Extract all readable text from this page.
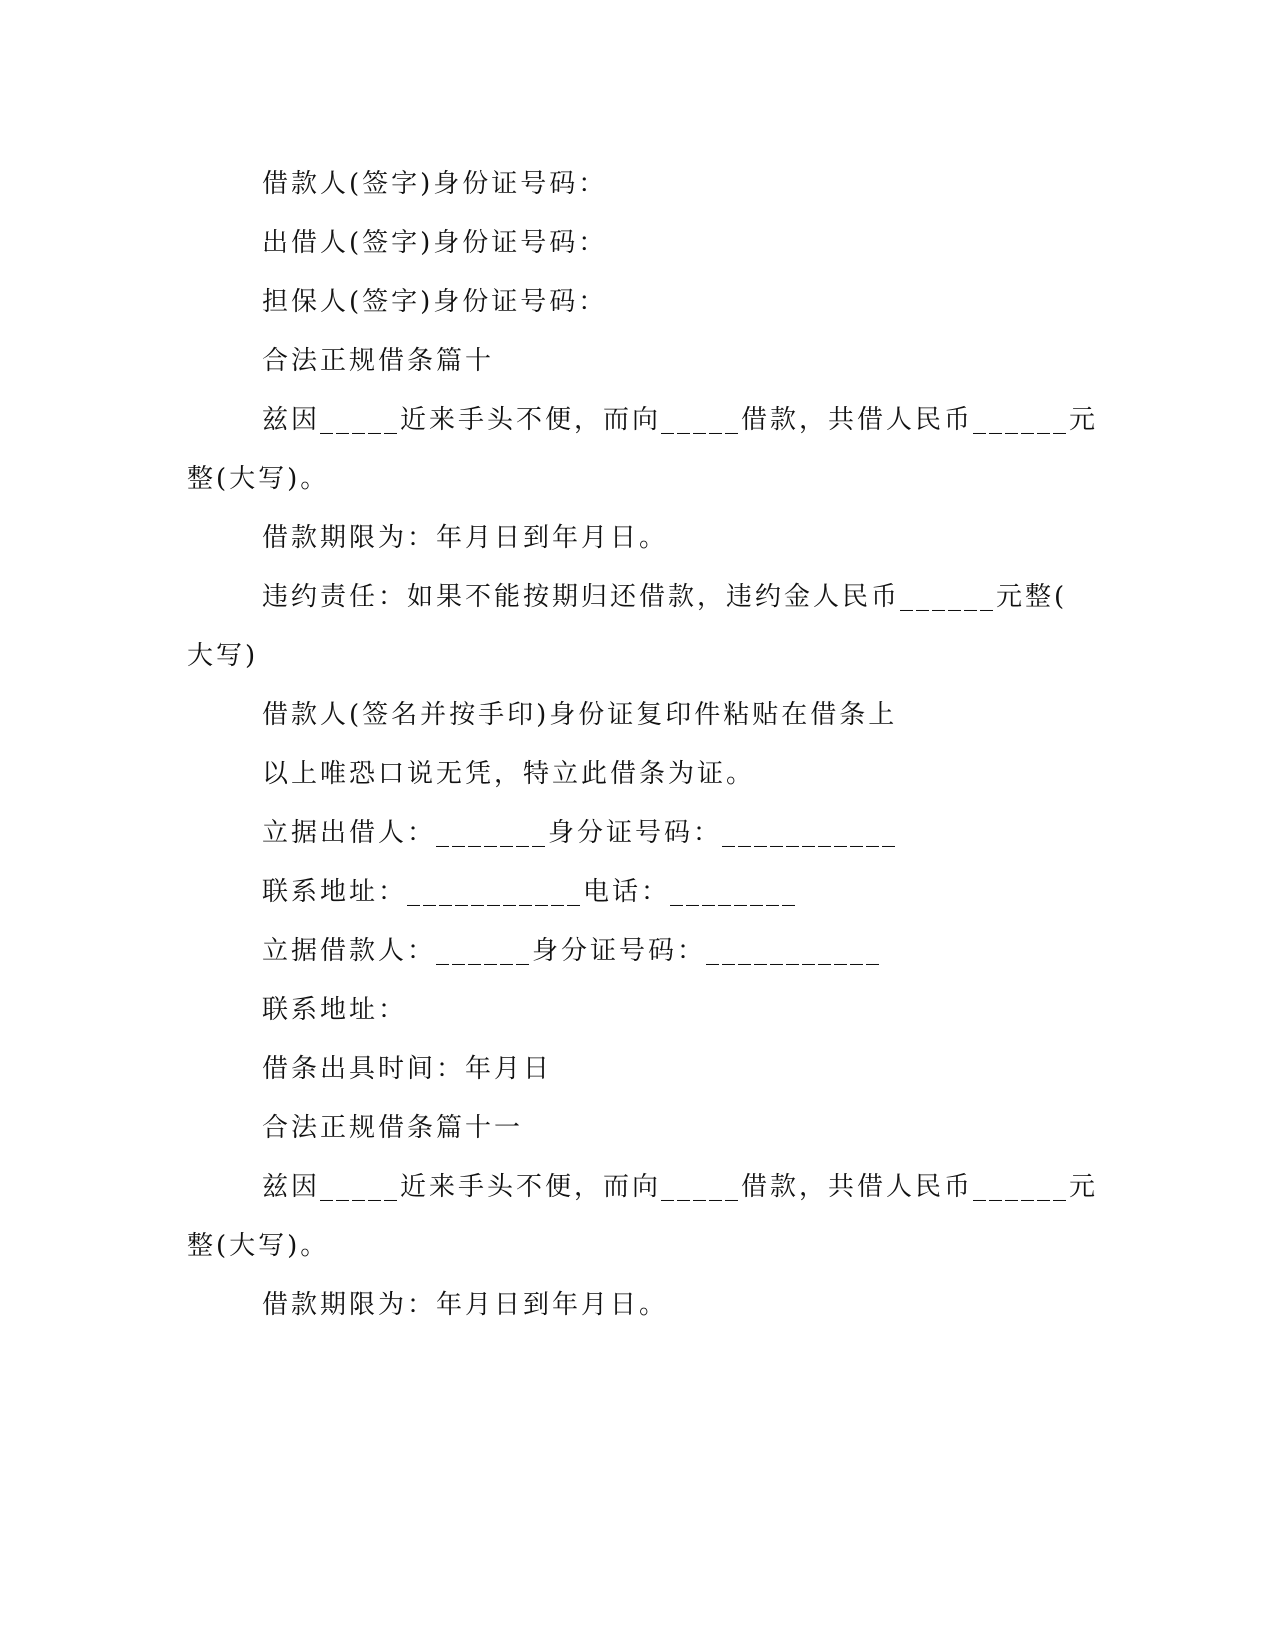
借款人(签字)身份证号码：
出借人(签字)身份证号码：
担保人(签字)身份证号码：
合法正规借条篇十
兹因_____近来手头不便，而向_____借款，共借人民币______元
整(大写)。
借款期限为：年月日到年月日。
违约责任：如果不能按期归还借款，违约金人民币______元整(
大写)
借款人(签名并按手印)身份证复印件粘贴在借条上
以上唯恐口说无凭，特立此借条为证。
立据出借人：_______身分证号码：___________
联系地址：___________电话：________
立据借款人：______身分证号码：___________
联系地址：
借条出具时间：年月日
合法正规借条篇十一
兹因_____近来手头不便，而向_____借款，共借人民币______元
整(大写)。
借款期限为：年月日到年月日。
